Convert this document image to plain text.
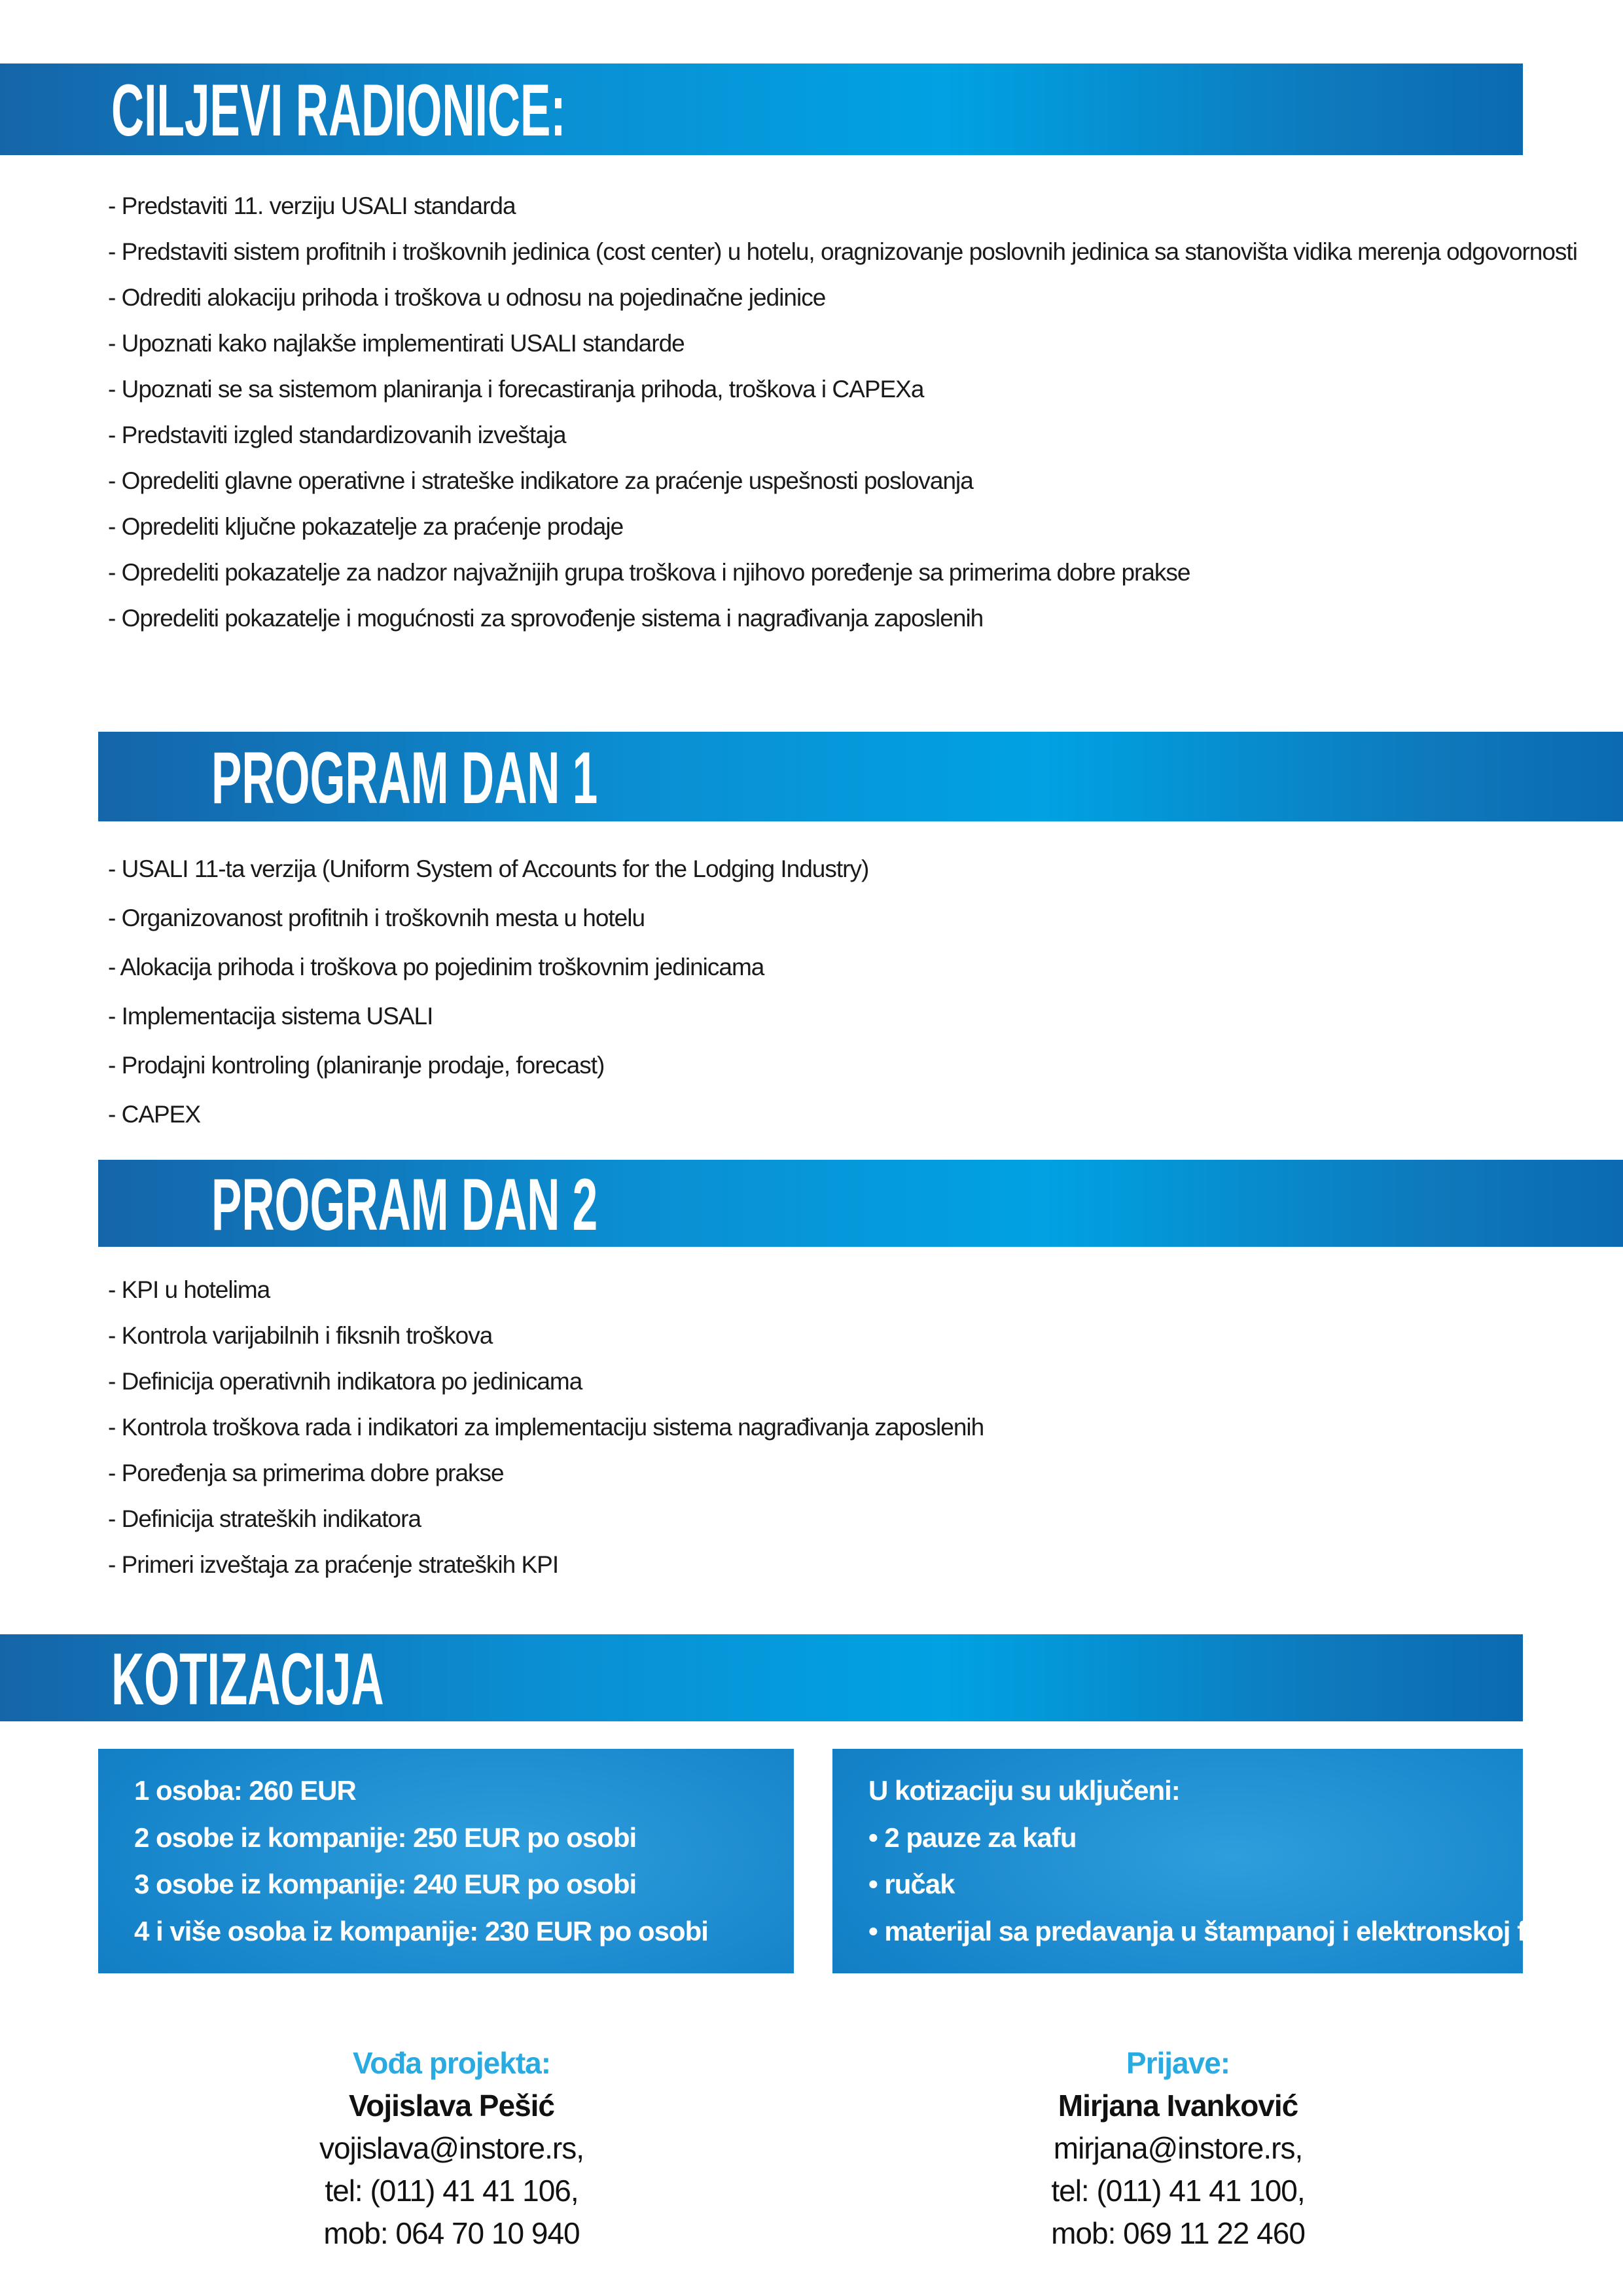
CILJEVI RADIONICE:
- Predstaviti 11. verziju USALI standarda
- Predstaviti sistem profitnih i troškovnih jedinica (cost center) u hotelu, oragnizovanje poslovnih jedinica sa stanovišta vidika merenja odgovornosti
- Odrediti alokaciju prihoda i troškova u odnosu na pojedinačne jedinice
- Upoznati kako najlakše implementirati USALI standarde
- Upoznati se sa sistemom planiranja i forecastiranja prihoda, troškova i CAPEXa
- Predstaviti izgled standardizovanih izveštaja
- Opredeliti glavne operativne i strateške indikatore za praćenje uspešnosti poslovanja
- Opredeliti ključne pokazatelje za praćenje prodaje
- Opredeliti pokazatelje za nadzor najvažnijih grupa troškova i njihovo poređenje sa primerima dobre prakse
- Opredeliti pokazatelje i mogućnosti za sprovođenje sistema i nagrađivanja zaposlenih
PROGRAM DAN 1
- USALI 11-ta verzija (Uniform System of Accounts for the Lodging Industry)
- Organizovanost profitnih i troškovnih mesta u hotelu
- Alokacija prihoda i troškova po pojedinim troškovnim jedinicama
- Implementacija sistema USALI
- Prodajni kontroling (planiranje prodaje, forecast)
- CAPEX
PROGRAM DAN 2
- KPI u hotelima
- Kontrola varijabilnih i fiksnih troškova
- Definicija operativnih indikatora po jedinicama
- Kontrola troškova rada i indikatori za implementaciju sistema nagrađivanja zaposlenih
- Poređenja sa primerima dobre prakse
- Definicija strateških indikatora
- Primeri izveštaja za praćenje strateških KPI
KOTIZACIJA
1 osoba: 260 EUR
2 osobe iz kompanije: 250 EUR po osobi
3 osobe iz kompanije: 240 EUR po osobi
4 i više osoba iz kompanije: 230 EUR po osobi
U kotizaciju su uključeni:
• 2 pauze za kafu
• ručak
• materijal sa predavanja u štampanoj i elektronskoj formi
Vođa projekta:
Vojislava Pešić
vojislava@instore.rs,
tel: (011) 41 41 106,
mob: 064 70 10 940
Prijave:
Mirjana Ivanković
mirjana@instore.rs,
tel: (011) 41 41 100,
mob: 069 11 22 460
